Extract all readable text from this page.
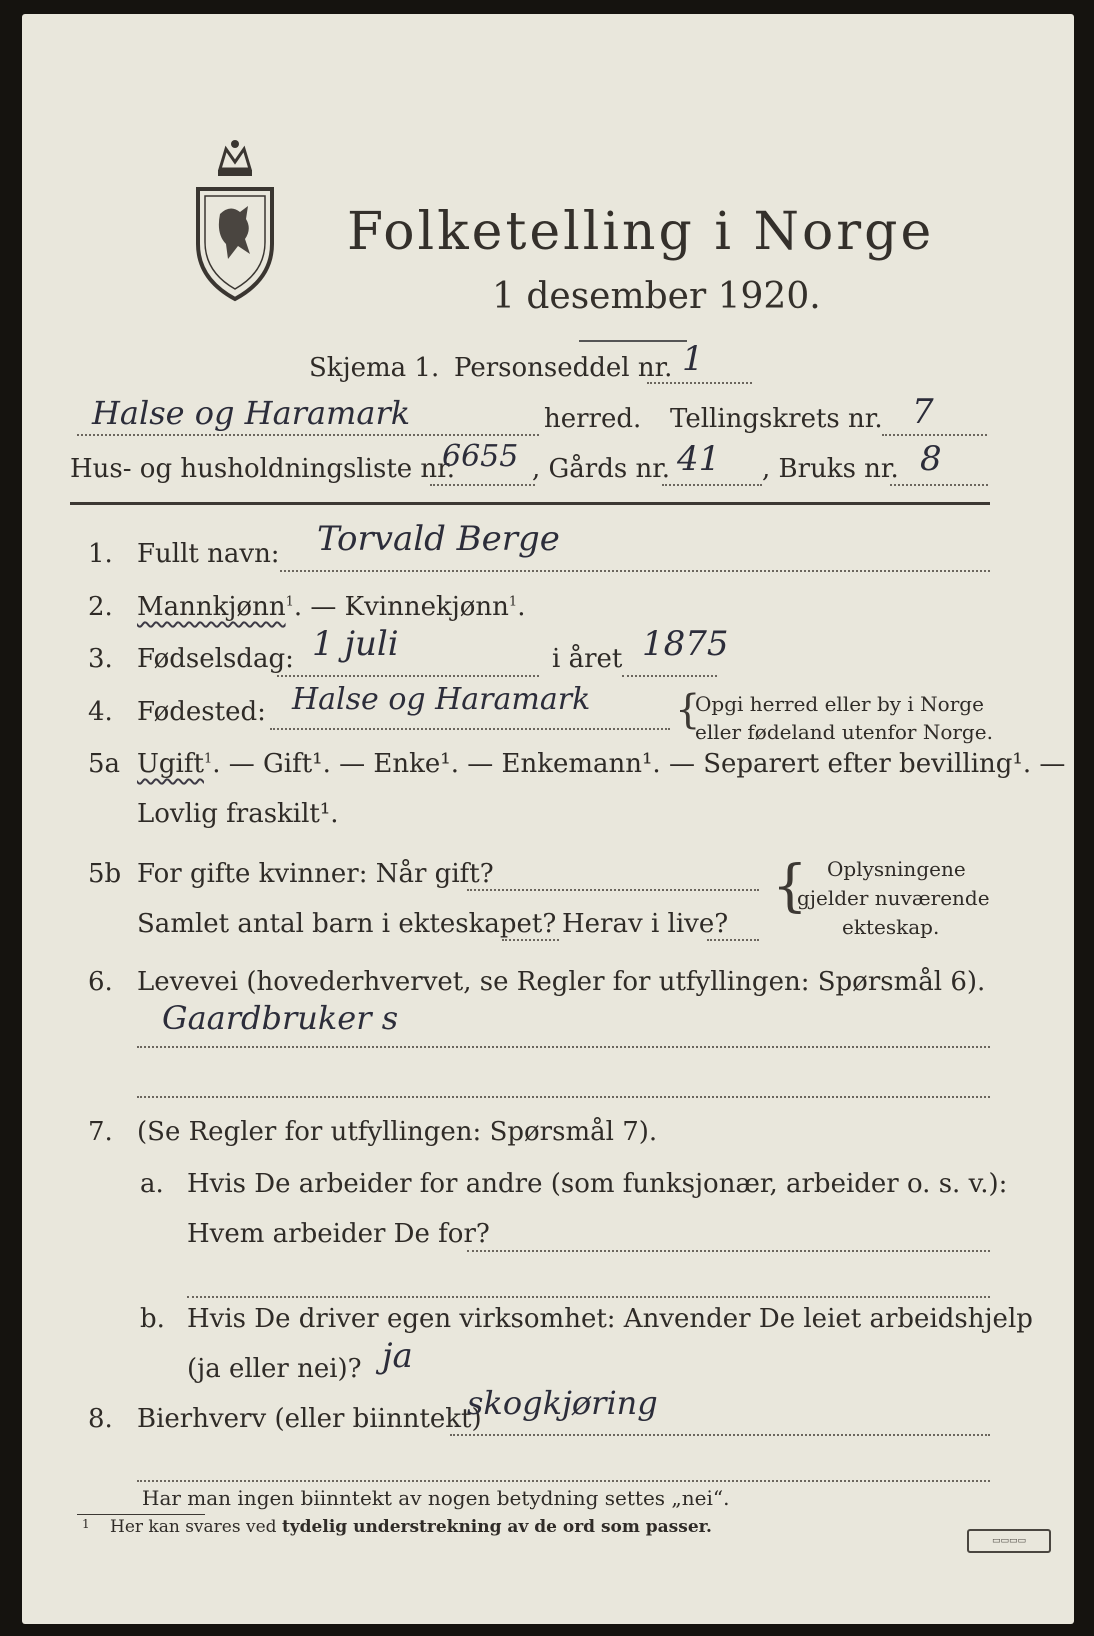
Folketelling i Norge
1 desember 1920.
Skjema 1. Personseddel nr. 1
Halse og Haramark	herred. Tellingskrets nr. 7
Hus- og husholdningsliste nr.
6655 , Gårds nr. 41 , Bruks nr. 8
1. Fullt navn: Torvald Berge
2. Mannkjønn$^1$. — Kvinnekjønn$^1$.
3. Fødselsdag: 1 juli	i året 1875
4. Fødested: Halse og Haramark {
Opgi herred eller by i Norge
eller fødeland utenfor Norge.
5a Ugift$^1$. — Gift¹. — Enke¹. — Enkemann¹. — Separert efter bevilling¹. —
Lovlig fraskilt¹.
5b For gifte kvinner: Når gift?
Samlet antal barn i ekteskapet? Herav i live?
{ Oplysningene
gjelder nuværende
ekteskap.
6. Levevei (hovederhvervet, se Regler for utfyllingen: Spørsmål 6).
Gaardbruker s
7. (Se Regler for utfyllingen: Spørsmål 7).
a. Hvis De arbeider for andre (som funksjonær, arbeider o. s. v.):
Hvem arbeider De for?
b. Hvis De driver egen virksomhet: Anvender De leiet arbeidshjelp
(ja eller nei)? ja
8. Bierhverv (eller biinntekt)
skogkjøring
Har man ingen biinntekt av nogen betydning settes „nei“.
1 Her kan svares ved tydelig understrekning av de ord som passer.
▭▭▭▭
